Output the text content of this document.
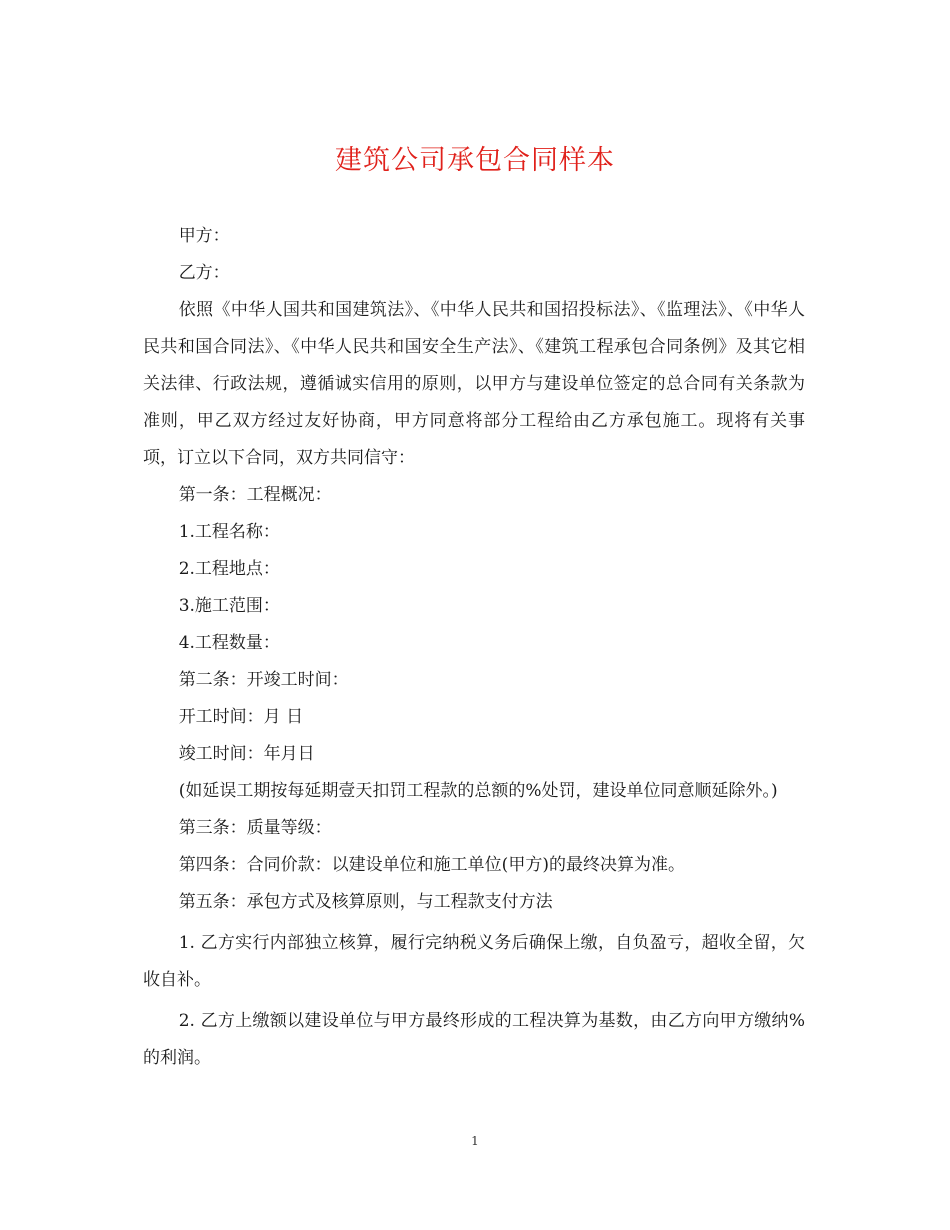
建筑公司承包合同样本

甲方：

乙方：

依照《中华人国共和国建筑法》、《中华人民共和国招投标法》、《监理法》、《中华人民共和国合同法》、《中华人民共和国安全生产法》、《建筑工程承包合同条例》及其它相关法律、行政法规，遵循诚实信用的原则，以甲方与建设单位签定的总合同有关条款为准则，甲乙双方经过友好协商，甲方同意将部分工程给由乙方承包施工。现将有关事项，订立以下合同，双方共同信守：

第一条：工程概况：

1.工程名称：

2.工程地点：

3.施工范围：

4.工程数量：

第二条：开竣工时间：

开工时间：月 日

竣工时间：年月日

(如延误工期按每延期壹天扣罚工程款的总额的%处罚，建设单位同意顺延除外。)

第三条：质量等级：

第四条：合同价款：以建设单位和施工单位(甲方)的最终决算为准。

第五条：承包方式及核算原则，与工程款支付方法

1. 乙方实行内部独立核算，履行完纳税义务后确保上缴，自负盈亏，超收全留，欠收自补。

2. 乙方上缴额以建设单位与甲方最终形成的工程决算为基数，由乙方向甲方缴纳%的利润。

1
